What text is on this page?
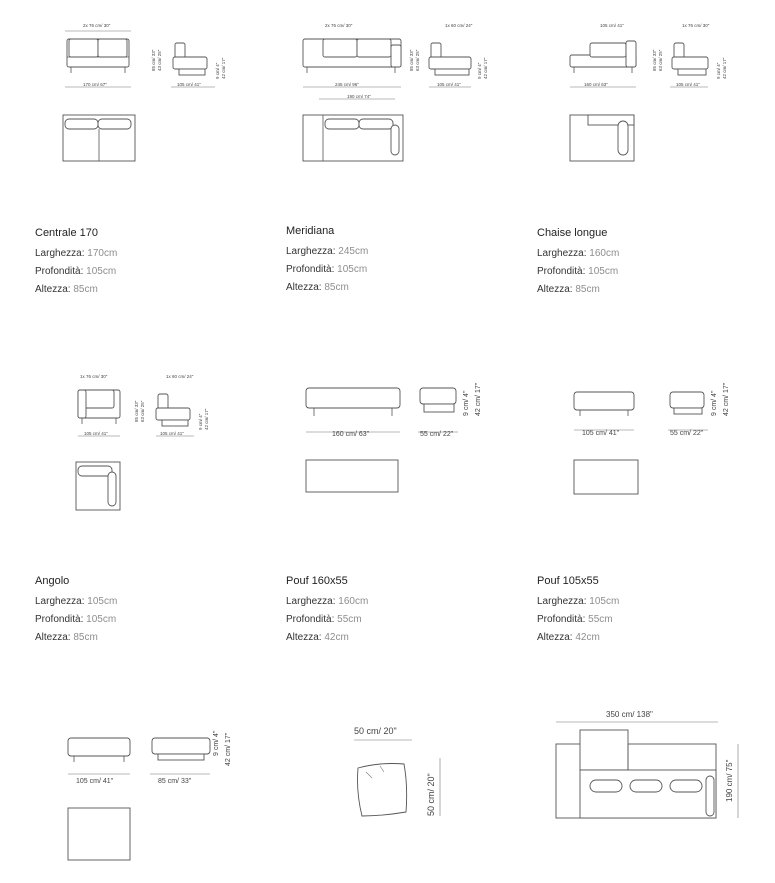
2x 76 cm/ 30"
170 cm/ 67"
85 cm/ 33" 43 cm/ 25"	9 cm/ 4" 42 cm/ 17"
105 cm/ 41"
Centrale 170
Larghezza: 170cm
Profondità: 105cm
Altezza: 85cm
2x 76 cm/ 30"	1x 60 cm/ 24"
245 cm/ 96"
190 cm/ 74"
85 cm/ 33" 63 cm/ 25"	9 cm/ 4" 42 cm/ 17"
105 cm/ 41"
Meridiana
Larghezza: 245cm
Profondità: 105cm
Altezza: 85cm
105 cm/ 41"	1x 76 cm/ 30"
160 cm/ 63"
85 cm/ 33" 63 cm/ 25"	9 cm/ 4" 42 cm/ 17"
105 cm/ 41"
Chaise longue
Larghezza: 160cm
Profondità: 105cm
Altezza: 85cm
1x 76 cm/ 30"	1x 60 cm/ 24"
105 cm/ 41"
85 cm/ 33" 63 cm/ 25"	9 cm/ 4" 42 cm/ 17"
105 cm/ 41"
Angolo
Larghezza: 105cm
Profondità: 105cm
Altezza: 85cm
160 cm/ 63"	55 cm/ 22"
9 cm/ 4" 42 cm/ 17"
Pouf 160x55
Larghezza: 160cm
Profondità: 55cm
Altezza: 42cm
105 cm/ 41"	55 cm/ 22"
9 cm/ 4" 42 cm/ 17"
Pouf 105x55
Larghezza: 105cm
Profondità: 55cm
Altezza: 42cm
105 cm/ 41"	85 cm/ 33"
9 cm/ 4" 42 cm/ 17"
50 cm/ 20"
50 cm/ 20"
350 cm/ 138"
190 cm/ 75"
